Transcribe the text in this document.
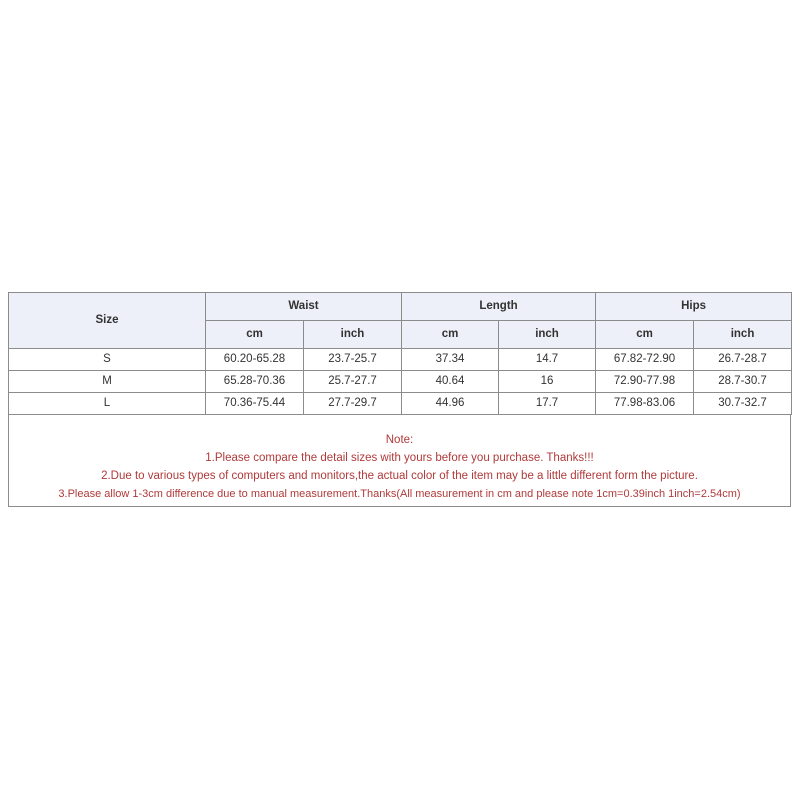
Size	Waist		Length		Hips	
	cm	inch	cm	inch	cm	inch
S	60.20-65.28	23.7-25.7	37.34	14.7	67.82-72.90	26.7-28.7
M	65.28-70.36	25.7-27.7	40.64	16	72.90-77.98	28.7-30.7
L	70.36-75.44	27.7-29.7	44.96	17.7	77.98-83.06	30.7-32.7
Note:
1.Please compare the detail sizes with yours before you purchase. Thanks!!!
2.Due to various types of computers and monitors,the actual color of the item may be a little different form the picture.
3.Please allow 1-3cm difference due to manual measurement.Thanks(All measurement in cm and please note 1cm=0.39inch 1inch=2.54cm)
